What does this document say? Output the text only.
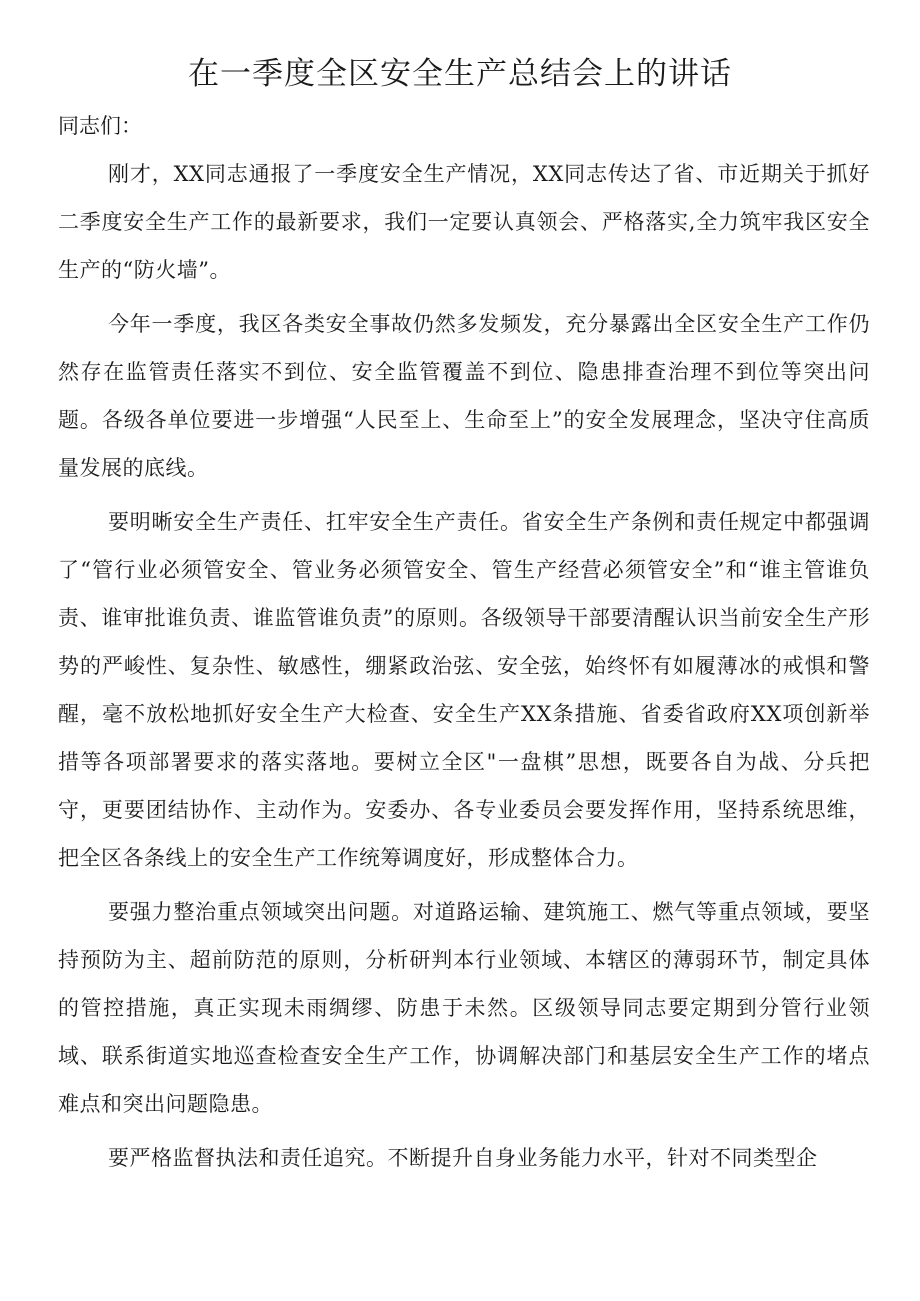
在一季度全区安全生产总结会上的讲话
同志们：

刚才，XX同志通报了一季度安全生产情况，XX同志传达了省、市近期关于抓好二季度安全生产工作的最新要求，我们一定要认真领会、严格落实,全力筑牢我区安全生产的“防火墙”。

今年一季度，我区各类安全事故仍然多发频发，充分暴露出全区安全生产工作仍然存在监管责任落实不到位、安全监管覆盖不到位、隐患排查治理不到位等突出问题。各级各单位要进一步增强“人民至上、生命至上”的安全发展理念，坚决守住高质量发展的底线。

要明晰安全生产责任、扛牢安全生产责任。省安全生产条例和责任规定中都强调了“管行业必须管安全、管业务必须管安全、管生产经营必须管安全”和“谁主管谁负责、谁审批谁负责、谁监管谁负责”的原则。各级领导干部要清醒认识当前安全生产形势的严峻性、复杂性、敏感性，绷紧政治弦、安全弦，始终怀有如履薄冰的戒惧和警醒，毫不放松地抓好安全生产大检查、安全生产XX条措施、省委省政府XX项创新举措等各项部署要求的落实落地。要树立全区"一盘棋”思想，既要各自为战、分兵把守，更要团结协作、主动作为。安委办、各专业委员会要发挥作用，坚持系统思维，把全区各条线上的安全生产工作统筹调度好，形成整体合力。

要强力整治重点领域突出问题。对道路运输、建筑施工、燃气等重点领域，要坚持预防为主、超前防范的原则，分析研判本行业领域、本辖区的薄弱环节，制定具体的管控措施，真正实现未雨绸缪、防患于未然。区级领导同志要定期到分管行业领域、联系街道实地巡查检查安全生产工作，协调解决部门和基层安全生产工作的堵点难点和突出问题隐患。

要严格监督执法和责任追究。不断提升自身业务能力水平，针对不同类型企
